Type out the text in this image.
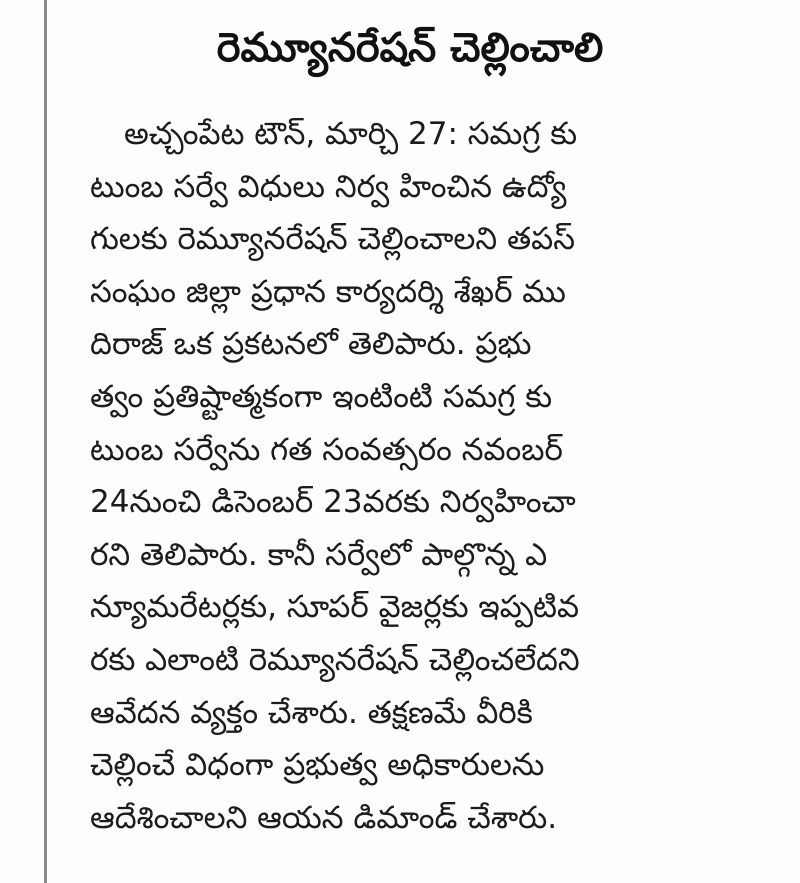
రెమ్యూనరేషన్ చెల్లించాలి
అచ్చంపేట టౌన్, మార్చి 27: సమగ్ర కు
టుంబ సర్వే విధులు నిర్వ హించిన ఉద్యో
గులకు రెమ్యూనరేషన్ చెల్లించాలని తపస్
సంఘం జిల్లా ప్రధాన కార్యదర్శి శేఖర్ ము
దిరాజ్ ఒక ప్రకటనలో తెలిపారు. ప్రభు
త్వం ప్రతిష్టాత్మకంగా ఇంటింటి సమగ్ర కు
టుంబ సర్వేను గత సంవత్సరం నవంబర్
24నుంచి డిసెంబర్ 23వరకు నిర్వహించా
రని తెలిపారు. కానీ సర్వేలో పాల్గొన్న ఎ
న్యూమరేటర్లకు, సూపర్ వైజర్లకు ఇప్పటివ
రకు ఎలాంటి రెమ్యూనరేషన్ చెల్లించలేదని
ఆవేదన వ్యక్తం చేశారు. తక్షణమే వీరికి
చెల్లించే విధంగా ప్రభుత్వ అధికారులను
ఆదేశించాలని ఆయన డిమాండ్ చేశారు.
